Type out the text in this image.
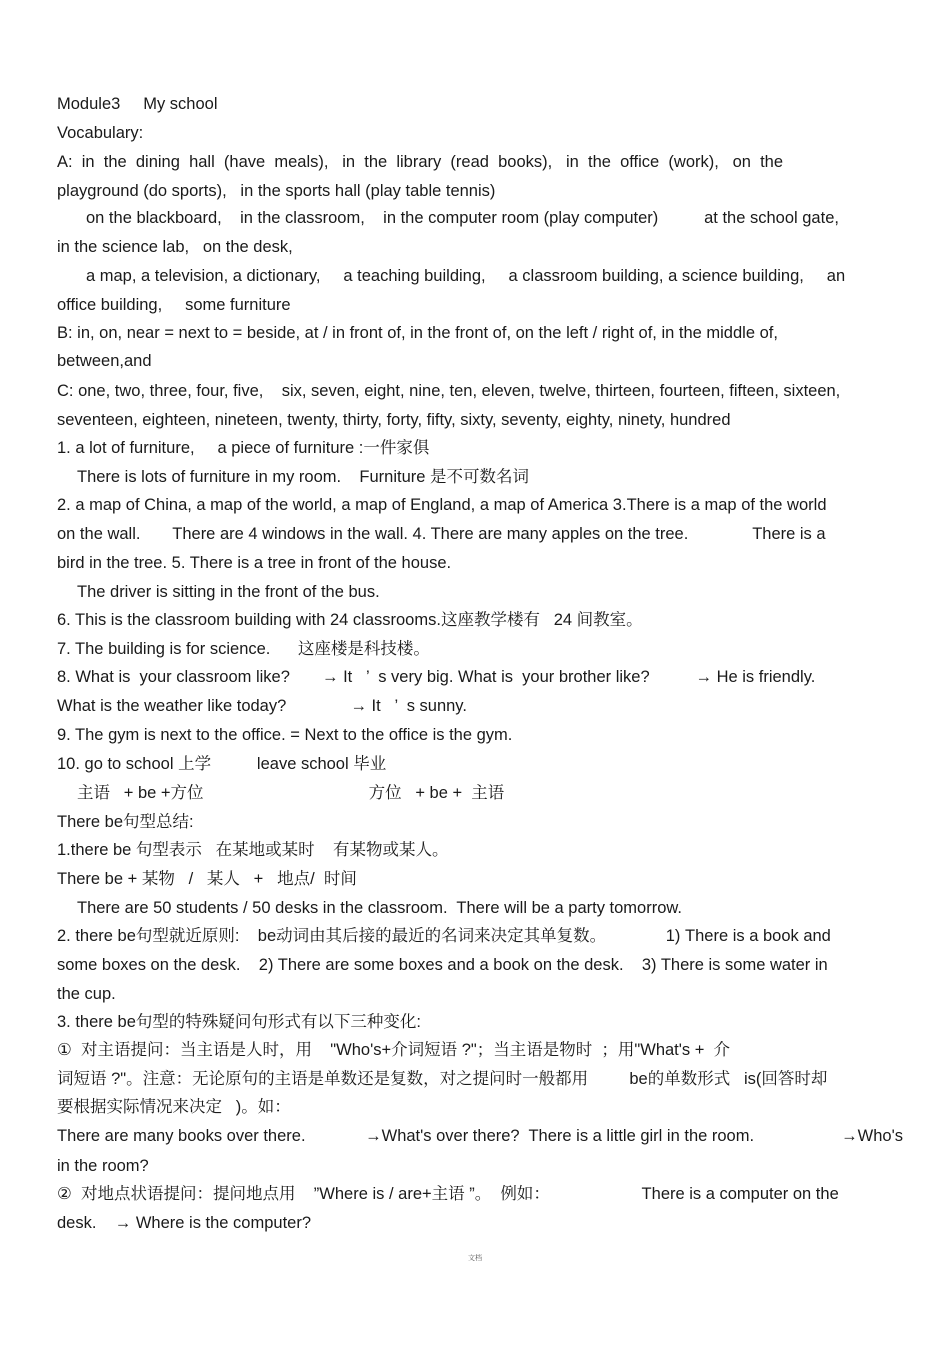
Module3     My school
Vocabulary:
A:  in  the  dining  hall  (have  meals),   in  the  library  (read  books),   in  the  office  (work),   on  the
playground (do sports),   in the sports hall (play table tennis)
on the blackboard,    in the classroom,    in the computer room (play computer)          at the school gate,
in the science lab,   on the desk,
a map, a television, a dictionary,     a teaching building,     a classroom building, a science building,     an
office building,     some furniture
B: in, on, near = next to = beside, at / in front of, in the front of, on the left / right of, in the middle of,
between,and
C: one, two, three, four, five,    six, seven, eight, nine, ten, eleven, twelve, thirteen, fourteen, fifteen, sixteen,
seventeen, eighteen, nineteen, twenty, thirty, forty, fifty, sixty, seventy, eighty, ninety, hundred
1. a lot of furniture,     a piece of furniture :一件家俱
There is lots of furniture in my room.    Furniture 是不可数名词
2. a map of China, a map of the world, a map of England, a map of America 3.There is a map of the world
on the wall.       There are 4 windows in the wall. 4. There are many apples on the tree.              There is a
bird in the tree. 5. There is a tree in front of the house.
The driver is sitting in the front of the bus.
6. This is the classroom building with 24 classrooms.这座教学楼有   24 间教室。
7. The building is for science.      这座楼是科技楼。
8. What is  your classroom like?       → It   ’  s very big. What is  your brother like?          → He is friendly.
What is the weather like today?              → It   ’  s sunny.
9. The gym is next to the office. = Next to the office is the gym.
10. go to school 上学          leave school 毕业
主语   + be +方位                                    方位   + be +  主语
There be句型总结:
1.there be 句型表示   在某地或某时    有某物或某人。
There be + 某物   /   某人   +   地点/  时间
There are 50 students / 50 desks in the classroom.  There will be a party tomorrow.
2. there be句型就近原则:    be动词由其后接的最近的名词来决定其单复数。             1) There is a book and
some boxes on the desk.    2) There are some boxes and a book on the desk.    3) There is some water in
the cup.
3. there be句型的特殊疑问句形式有以下三种变化:
①  对主语提问：当主语是人时，用    "Who's+介词短语 ?"；当主语是物时  ；用"What's +  介
词短语 ?"。注意：无论原句的主语是单数还是复数，对之提问时一般都用         be的单数形式   is(回答时却
要根据实际情况来决定   )。如：
There are many books over there.             →What's over there?  There is a little girl in the room.                   →Who's
in the room?
②  对地点状语提问：提问地点用    ”Where is / are+主语 ”。  例如：                    There is a computer on the
desk.    → Where is the computer?
文档
